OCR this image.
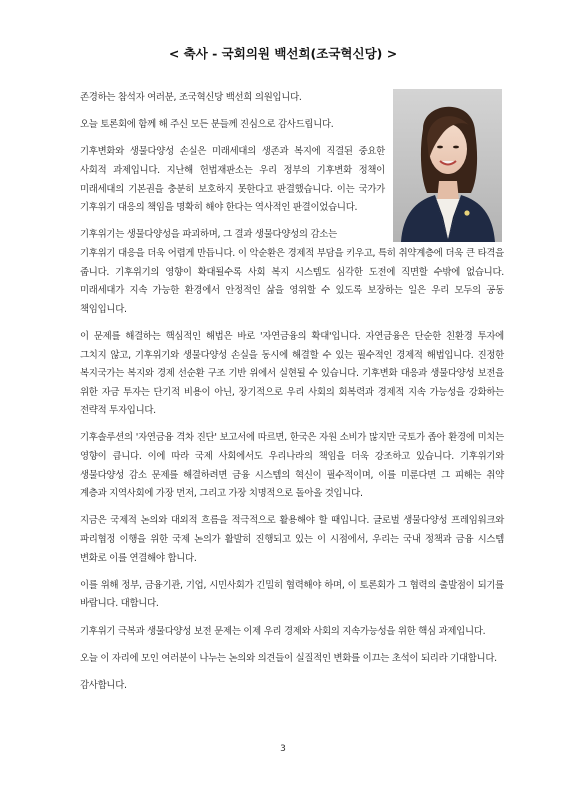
< 축사 - 국회의원 백선희(조국혁신당) >

존경하는 참석자 여러분, 조국혁신당 백선희 의원입니다.

오늘 토론회에 함께 해 주신 모든 분들께 진심으로 감사드립니다.

기후변화와 생물다양성 손실은 미래세대의 생존과 복지에 직결된 중요한 사회적 과제입니다. 지난해 헌법재판소는 우리 정부의 기후변화 정책이 미래세대의 기본권을 충분히 보호하지 못한다고 판결했습니다. 이는 국가가 기후위기 대응의 책임을 명확히 해야 한다는 역사적인 판결이었습니다.

기후위기는 생물다양성을 파괴하며, 그 결과 생물다양성의 감소는
기후위기 대응을 더욱 어렵게 만듭니다. 이 악순환은 경제적 부담을 키우고, 특히 취약계층에 더욱 큰 타격을 줍니다. 기후위기의 영향이 확대될수록 사회 복지 시스템도 심각한 도전에 직면할 수밖에 없습니다. 미래세대가 지속 가능한 환경에서 안정적인 삶을 영위할 수 있도록 보장하는 일은 우리 모두의 공동 책임입니다.

이 문제를 해결하는 핵심적인 해법은 바로 '자연금융의 확대'입니다. 자연금융은 단순한 친환경 투자에 그치지 않고, 기후위기와 생물다양성 손실을 동시에 해결할 수 있는 필수적인 경제적 해법입니다. 진정한 복지국가는 복지와 경제 선순환 구조 기반 위에서 실현될 수 있습니다. 기후변화 대응과 생물다양성 보전을 위한 자금 투자는 단기적 비용이 아닌, 장기적으로 우리 사회의 회복력과 경제적 지속 가능성을 강화하는 전략적 투자입니다.

기후솔루션의 '자연금융 격차 진단' 보고서에 따르면, 한국은 자원 소비가 많지만 국토가 좁아 환경에 미치는 영향이 큽니다. 이에 따라 국제 사회에서도 우리나라의 책임을 더욱 강조하고 있습니다. 기후위기와 생물다양성 감소 문제를 해결하려면 금융 시스템의 혁신이 필수적이며, 이를 미룬다면 그 피해는 취약 계층과 지역사회에 가장 먼저, 그리고 가장 치명적으로 돌아올 것입니다.

지금은 국제적 논의와 대외적 흐름을 적극적으로 활용해야 할 때입니다. 글로벌 생물다양성 프레임워크와 파리협정 이행을 위한 국제 논의가 활발히 진행되고 있는 이 시점에서, 우리는 국내 정책과 금융 시스템 변화로 이를 연결해야 합니다.

이를 위해 정부, 금융기관, 기업, 시민사회가 긴밀히 협력해야 하며, 이 토론회가 그 협력의 출발점이 되기를 바랍니다. 대합니다.

기후위기 극복과 생물다양성 보전 문제는 이제 우리 경제와 사회의 지속가능성을 위한 핵심 과제입니다.

오늘 이 자리에 모인 여러분이 나누는 논의와 의견들이 실질적인 변화를 이끄는 초석이 되리라 기대합니다.

감사합니다.

3
